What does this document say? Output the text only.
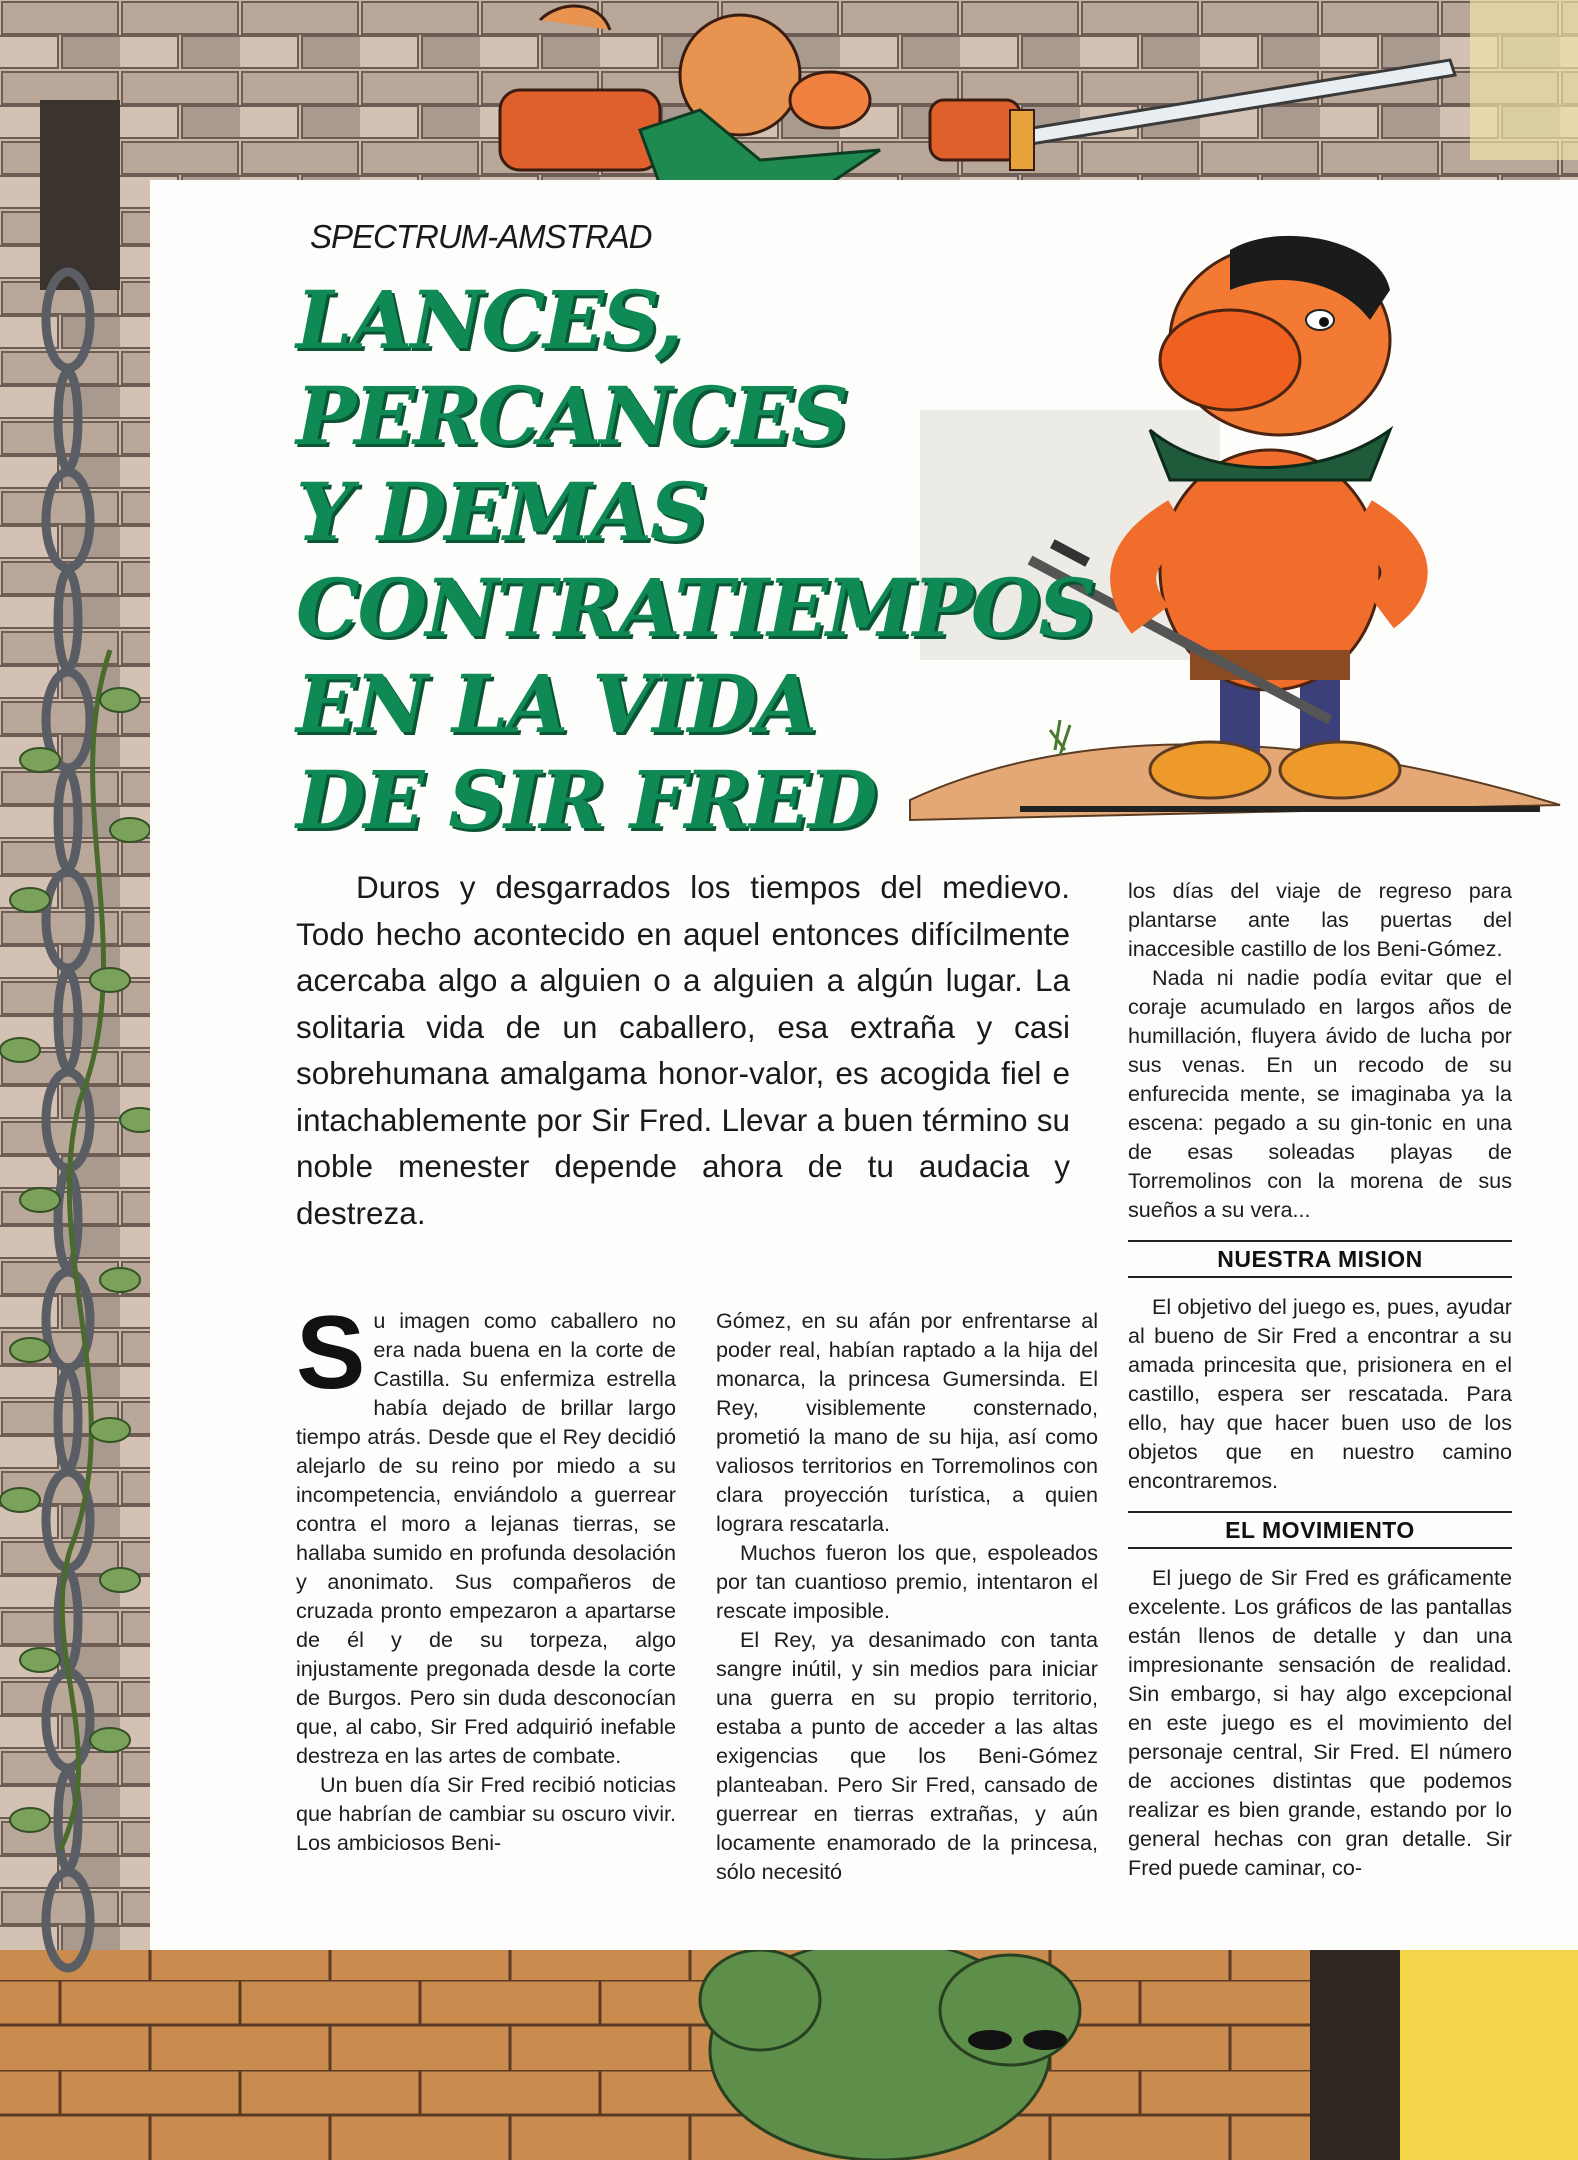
SPECTRUM-AMSTRAD

LANCES,
PERCANCES
Y DEMAS
CONTRATIEMPOS
EN LA VIDA
DE SIR FRED

Duros y desgarrados los tiempos del medievo. Todo hecho acontecido en aquel entonces difícilmente acercaba algo a alguien o a alguien a algún lugar. La solitaria vida de un caballero, esa extraña y casi sobrehumana amalgama honor-valor, es acogida fiel e intachablemente por Sir Fred. Llevar a buen término su noble menester depende ahora de tu audacia y destreza.

Su imagen como caballero no era nada buena en la corte de Castilla. Su enfermiza estrella había dejado de brillar largo tiempo atrás. Desde que el Rey decidió alejarlo de su reino por miedo a su incompetencia, enviándolo a guerrear contra el moro a lejanas tierras, se hallaba sumido en profunda desolación y anonimato. Sus compañeros de cruzada pronto empezaron a apartarse de él y de su torpeza, algo injustamente pregonada desde la corte de Burgos. Pero sin duda desconocían que, al cabo, Sir Fred adquirió inefable destreza en las artes de combate.

Un buen día Sir Fred recibió noticias que habrían de cambiar su oscuro vivir. Los ambiciosos Beni-

Gómez, en su afán por enfrentarse al poder real, habían raptado a la hija del monarca, la princesa Gumersinda. El Rey, visiblemente consternado, prometió la mano de su hija, así como valiosos territorios en Torremolinos con clara proyección turística, a quien lograra rescatarla.

Muchos fueron los que, espoleados por tan cuantioso premio, intentaron el rescate imposible.

El Rey, ya desanimado con tanta sangre inútil, y sin medios para iniciar una guerra en su propio territorio, estaba a punto de acceder a las altas exigencias que los Beni-Gómez planteaban. Pero Sir Fred, cansado de guerrear en tierras extrañas, y aún locamente enamorado de la princesa, sólo necesitó

los días del viaje de regreso para plantarse ante las puertas del inaccesible castillo de los Beni-Gómez.

Nada ni nadie podía evitar que el coraje acumulado en largos años de humillación, fluyera ávido de lucha por sus venas. En un recodo de su enfurecida mente, se imaginaba ya la escena: pegado a su gin-tonic en una de esas soleadas playas de Torremolinos con la morena de sus sueños a su vera...

NUESTRA MISION

El objetivo del juego es, pues, ayudar al bueno de Sir Fred a encontrar a su amada princesita que, prisionera en el castillo, espera ser rescatada. Para ello, hay que hacer buen uso de los objetos que en nuestro camino encontraremos.

EL MOVIMIENTO

El juego de Sir Fred es gráficamente excelente. Los gráficos de las pantallas están llenos de detalle y dan una impresionante sensación de realidad. Sin embargo, si hay algo excepcional en este juego es el movimiento del personaje central, Sir Fred. El número de acciones distintas que podemos realizar es bien grande, estando por lo general hechas con gran detalle. Sir Fred puede caminar, co-
